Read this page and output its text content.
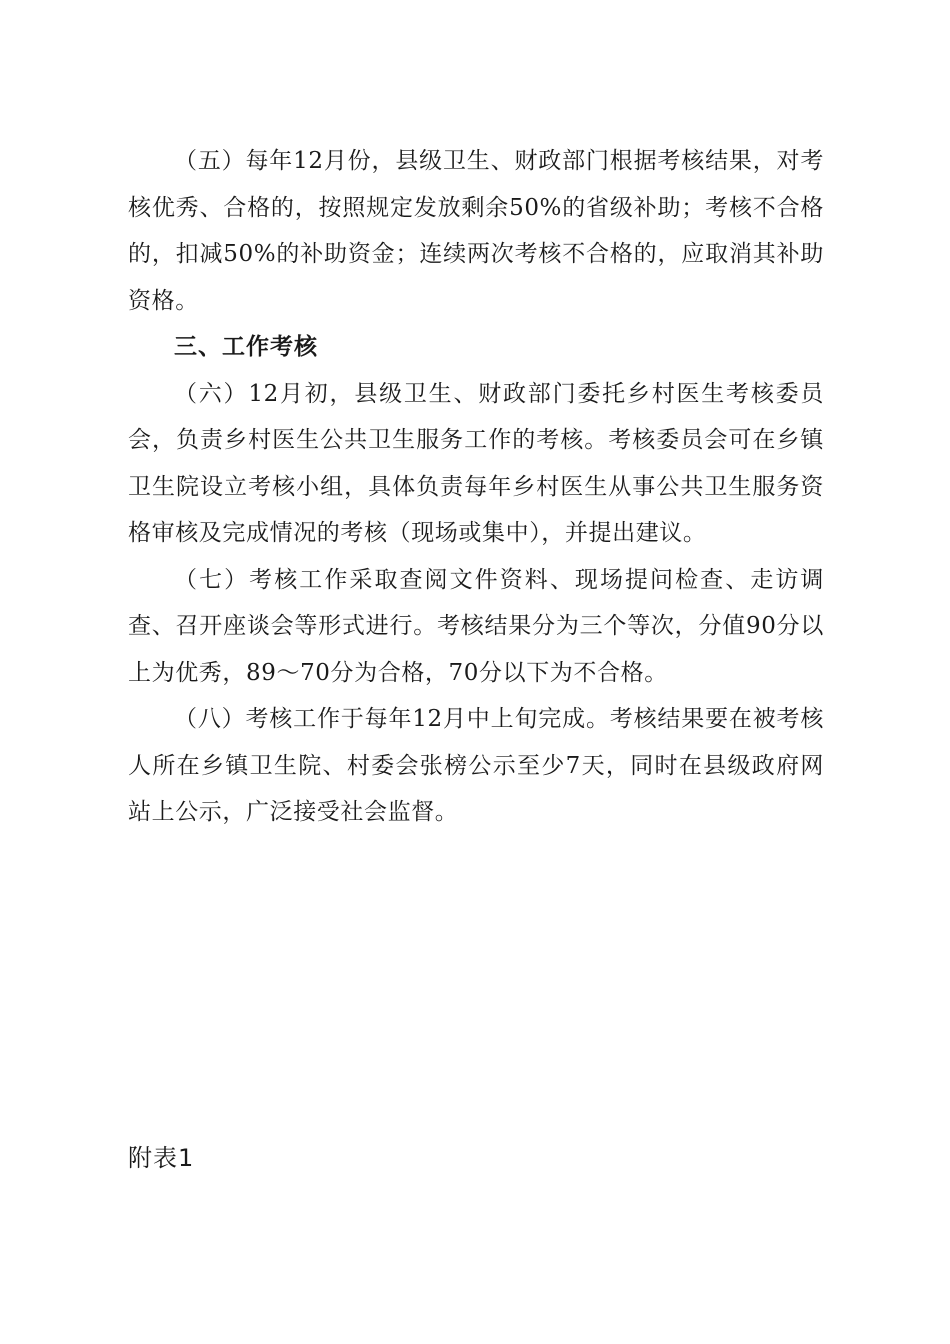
（五）每年12月份，县级卫生、财政部门根据考核结果，对考核优秀、合格的，按照规定发放剩余50%的省级补助；考核不合格的，扣减50%的补助资金；连续两次考核不合格的，应取消其补助资格。

三、工作考核

（六）12月初，县级卫生、财政部门委托乡村医生考核委员会，负责乡村医生公共卫生服务工作的考核。考核委员会可在乡镇卫生院设立考核小组，具体负责每年乡村医生从事公共卫生服务资格审核及完成情况的考核（现场或集中），并提出建议。

（七）考核工作采取查阅文件资料、现场提问检查、走访调查、召开座谈会等形式进行。考核结果分为三个等次，分值90分以上为优秀，89～70分为合格，70分以下为不合格。

（八）考核工作于每年12月中上旬完成。考核结果要在被考核人所在乡镇卫生院、村委会张榜公示至少7天，同时在县级政府网站上公示，广泛接受社会监督。

附表1
